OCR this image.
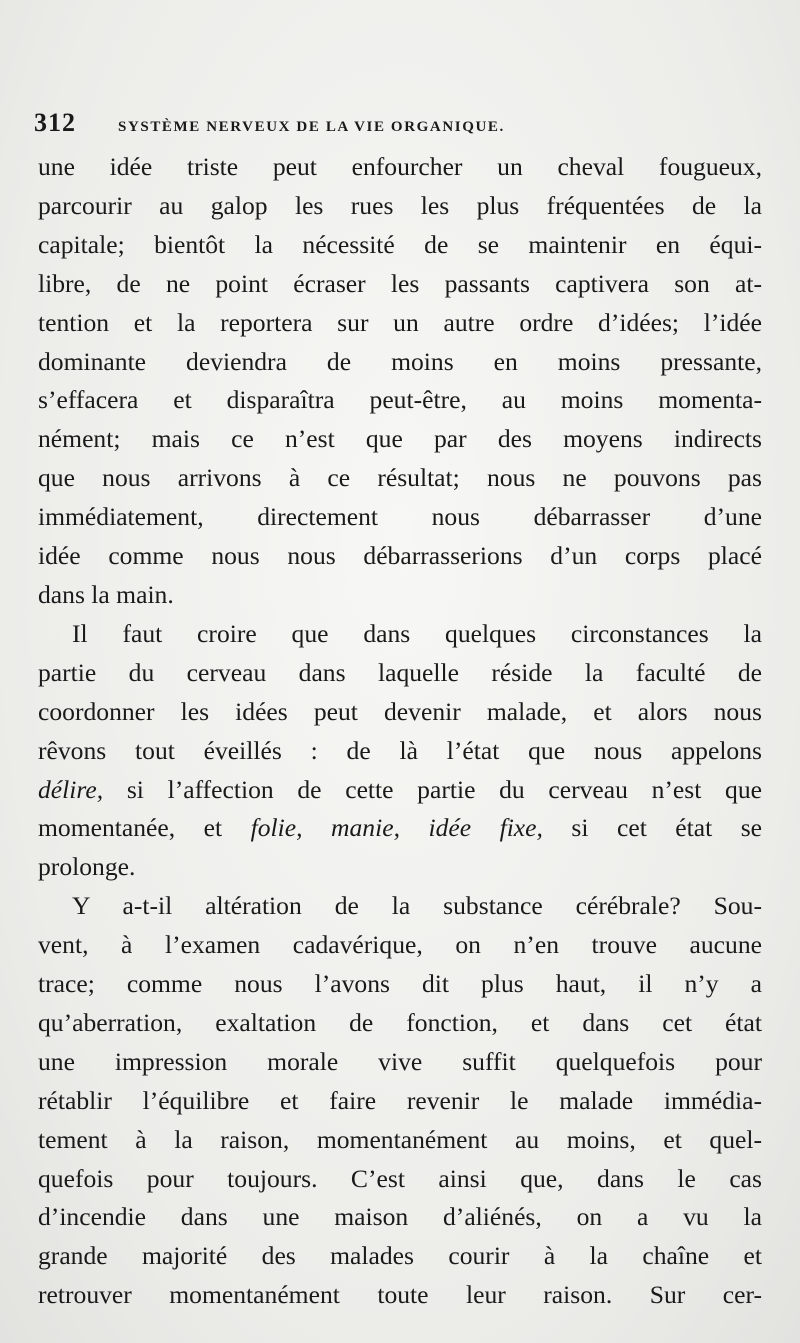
312	SYSTÈME NERVEUX DE LA VIE ORGANIQUE.
une idée triste peut enfourcher un cheval fougueux,
parcourir au galop les rues les plus fréquentées de la
capitale; bientôt la nécessité de se maintenir en équi-
libre, de ne point écraser les passants captivera son at-
tention et la reportera sur un autre ordre d’idées; l’idée
dominante deviendra de moins en moins pressante,
s’effacera et disparaîtra peut-être, au moins momenta-
nément; mais ce n’est que par des moyens indirects
que nous arrivons à ce résultat; nous ne pouvons pas
immédiatement, directement nous débarrasser d’une
idée comme nous nous débarrasserions d’un corps placé
dans la main.
Il faut croire que dans quelques circonstances la
partie du cerveau dans laquelle réside la faculté de
coordonner les idées peut devenir malade, et alors nous
rêvons tout éveillés : de là l’état que nous appelons
délire, si l’affection de cette partie du cerveau n’est que
momentanée, et folie, manie, idée fixe, si cet état se
prolonge.
Y a-t-il altération de la substance cérébrale? Sou-
vent, à l’examen cadavérique, on n’en trouve aucune
trace; comme nous l’avons dit plus haut, il n’y a
qu’aberration, exaltation de fonction, et dans cet état
une impression morale vive suffit quelquefois pour
rétablir l’équilibre et faire revenir le malade immédia-
tement à la raison, momentanément au moins, et quel-
quefois pour toujours. C’est ainsi que, dans le cas
d’incendie dans une maison d’aliénés, on a vu la
grande majorité des malades courir à la chaîne et
retrouver momentanément toute leur raison. Sur cer-
